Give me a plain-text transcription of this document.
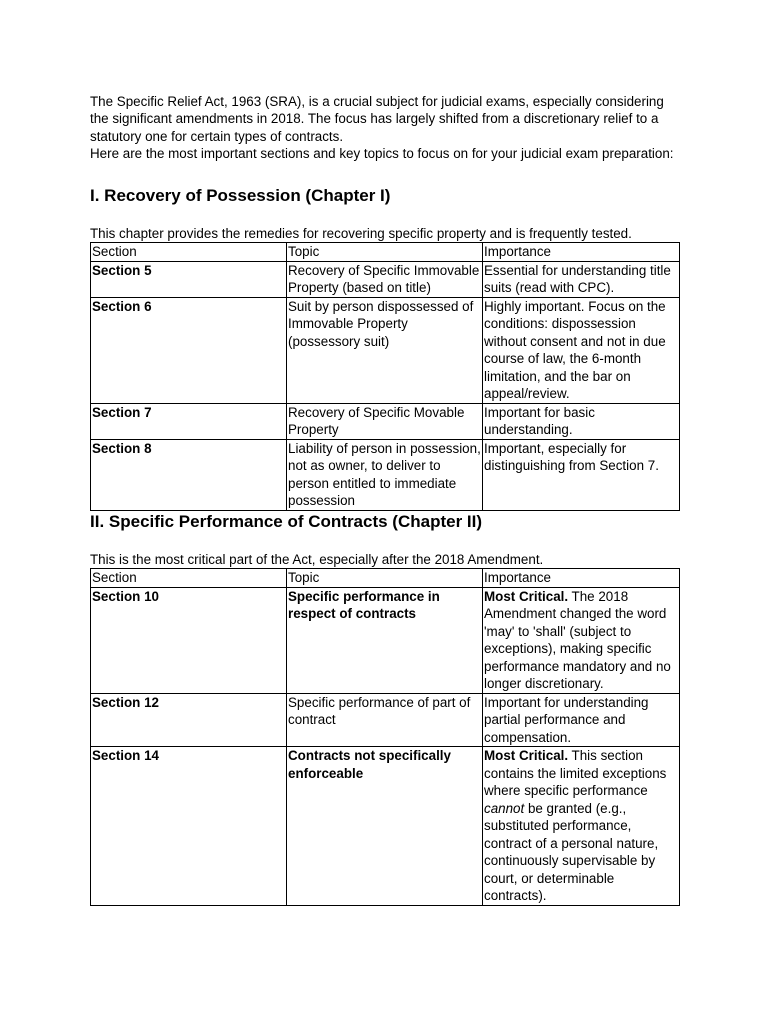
The Specific Relief Act, 1963 (SRA), is a crucial subject for judicial exams, especially considering the significant amendments in 2018. The focus has largely shifted from a discretionary relief to a statutory one for certain types of contracts.

Here are the most important sections and key topics to focus on for your judicial exam preparation:

I. Recovery of Possession (Chapter I)

This chapter provides the remedies for recovering specific property and is frequently tested.

Section	Topic	Importance
Section 5	Recovery of Specific Immovable Property (based on title)	Essential for understanding title suits (read with CPC).
Section 6	Suit by person dispossessed of Immovable Property (possessory suit)	Highly important. Focus on the conditions: dispossession without consent and not in due course of law, the 6-month limitation, and the bar on appeal/review.
Section 7	Recovery of Specific Movable Property	Important for basic understanding.
Section 8	Liability of person in possession, not as owner, to deliver to person entitled to immediate possession	Important, especially for distinguishing from Section 7.
II. Specific Performance of Contracts (Chapter II)

This is the most critical part of the Act, especially after the 2018 Amendment.

Section	Topic	Importance
Section 10	Specific performance in respect of contracts	Most Critical. The 2018 Amendment changed the word 'may' to 'shall' (subject to exceptions), making specific performance mandatory and no longer discretionary.
Section 12	Specific performance of part of contract	Important for understanding partial performance and compensation.
Section 14	Contracts not specifically enforceable	Most Critical. This section contains the limited exceptions where specific performance cannot be granted (e.g., substituted performance, contract of a personal nature, continuously supervisable by court, or determinable contracts).
